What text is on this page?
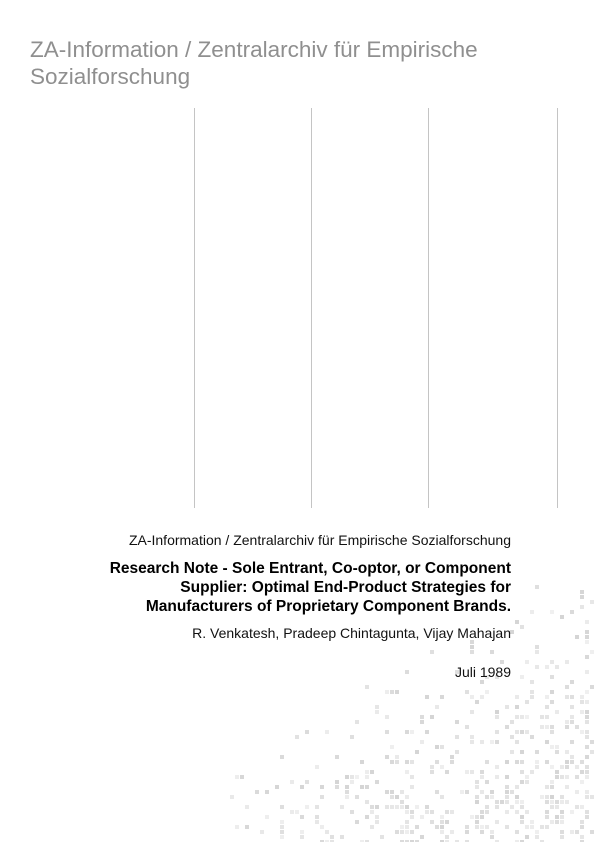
ZA-Information / Zentralarchiv für Empirische Sozialforschung

ZA-Information / Zentralarchiv für Empirische Sozialforschung

Research Note - Sole Entrant, Co-optor, or Component
Supplier: Optimal End-Product Strategies for
Manufacturers of Proprietary Component Brands.

R. Venkatesh, Pradeep Chintagunta, Vijay Mahajan

Juli 1989
